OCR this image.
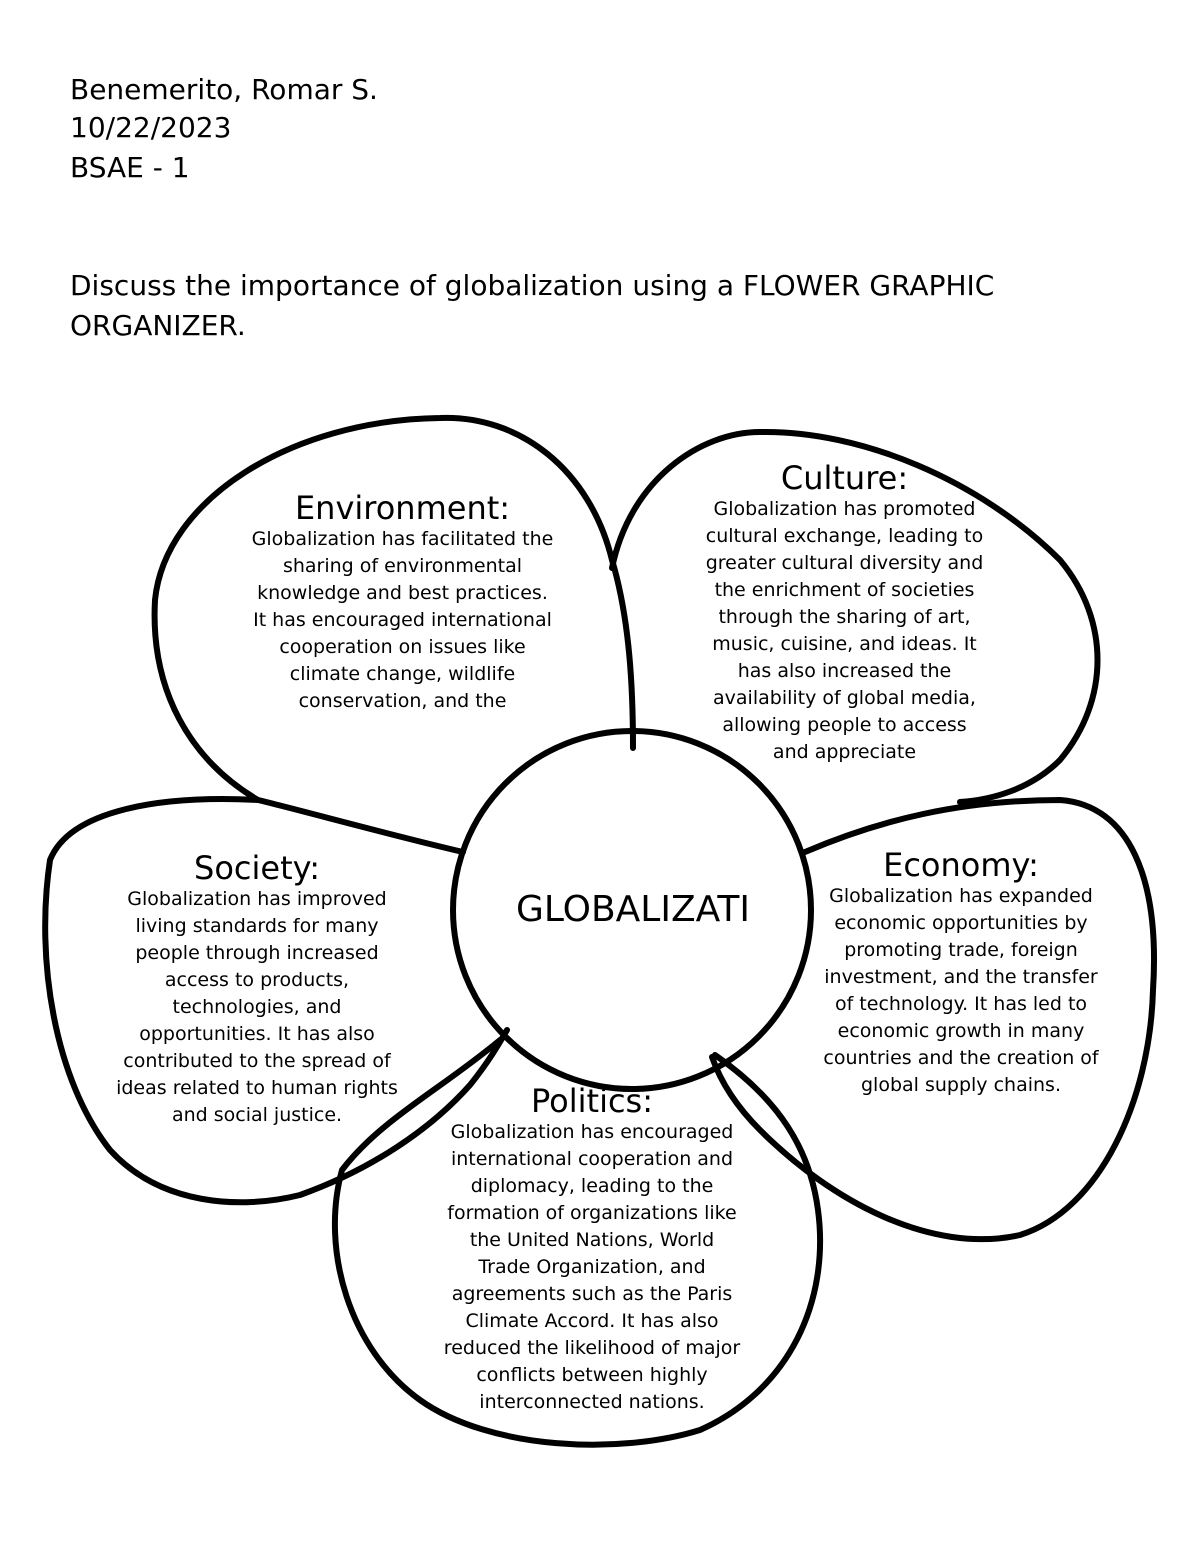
Benemerito, Romar S.
10/22/2023
BSAE - 1
Discuss the importance of globalization using a FLOWER GRAPHIC ORGANIZER.
Environment:

Globalization has facilitated the sharing of environmental knowledge and best practices. It has encouraged international cooperation on issues like climate change, wildlife conservation, and the

Culture:

Globalization has promoted cultural exchange, leading to greater cultural diversity and the enrichment of societies through the sharing of art, music, cuisine, and ideas. It has also increased the availability of global media, allowing people to access and appreciate

Society:

Globalization has improved living standards for many people through increased access to products, technologies, and opportunities. It has also contributed to the spread of ideas related to human rights and social justice.

Economy:

Globalization has expanded economic opportunities by promoting trade, foreign investment, and the transfer of technology. It has led to economic growth in many countries and the creation of global supply chains.

Politics:

Globalization has encouraged international cooperation and diplomacy, leading to the formation of organizations like the United Nations, World Trade Organization, and agreements such as the Paris Climate Accord. It has also reduced the likelihood of major conflicts between highly interconnected nations.

GLOBALIZATI
